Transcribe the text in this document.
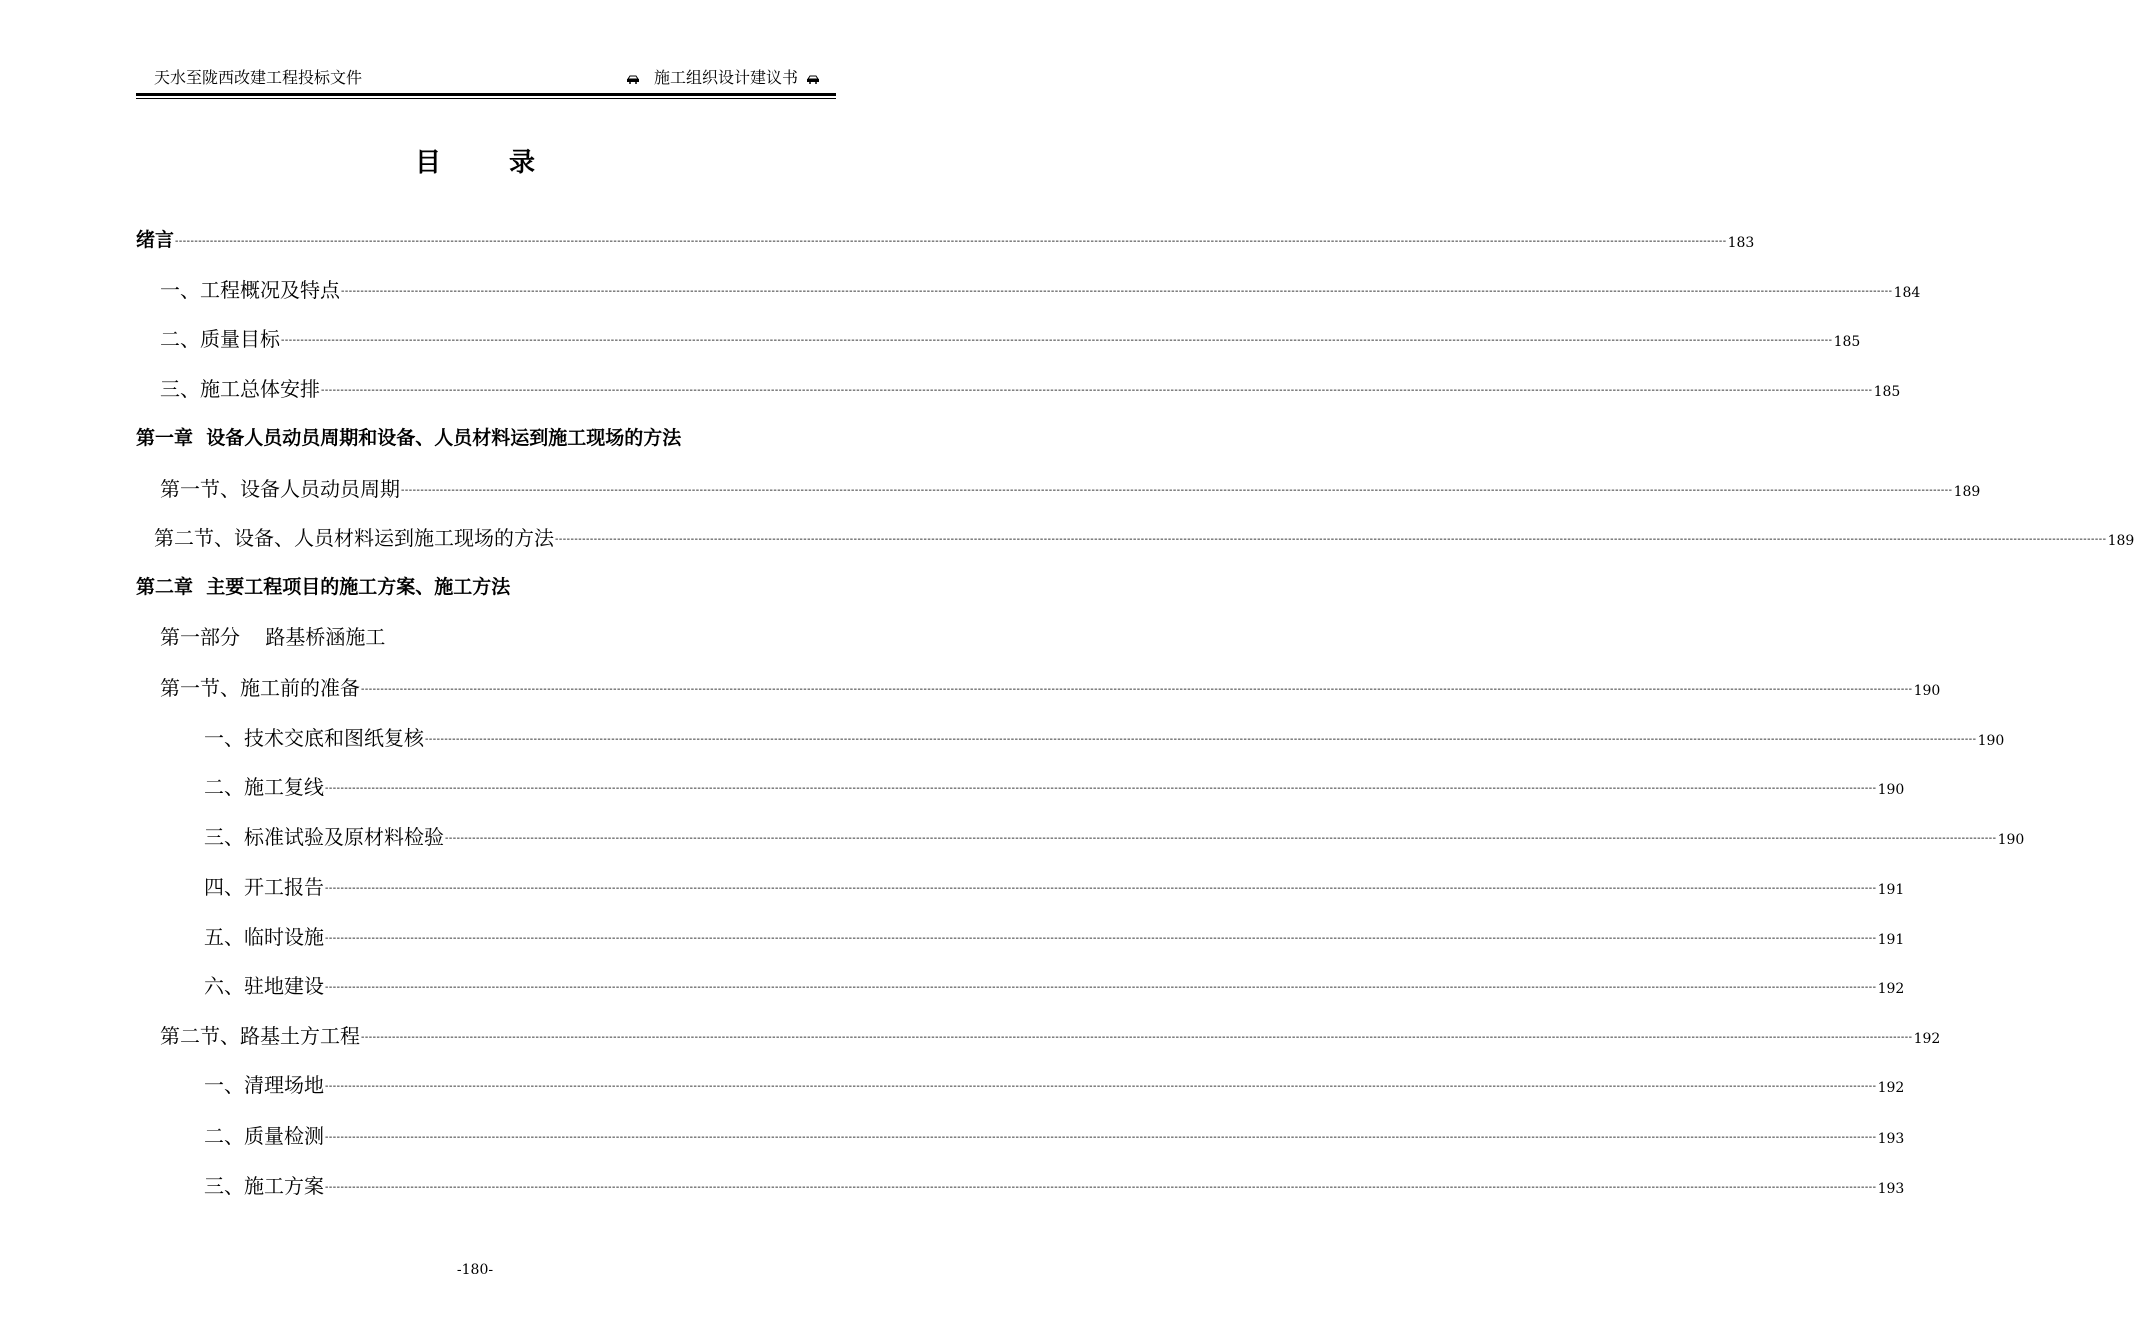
天水至陇西改建工程投标文件	施工组织设计建议书
目	录
绪言 ---------------------------------------------------------------------------------------------------------------------------------------------------------------------------------------------------------------------------------------------------------------------------------------------------------------------------------------------------------------------------------------------------------------- 183
一、工程概况及特点 ---------------------------------------------------------------------------------------------------------------------------------------------------------------------------------------------------------------------------------------------------------------------------------------------------------------------------------------------------------------------------------------------------------------- 184
二、质量目标 ---------------------------------------------------------------------------------------------------------------------------------------------------------------------------------------------------------------------------------------------------------------------------------------------------------------------------------------------------------------------------------------------------------------- 185
三、施工总体安排 ---------------------------------------------------------------------------------------------------------------------------------------------------------------------------------------------------------------------------------------------------------------------------------------------------------------------------------------------------------------------------------------------------------------- 185
第一章  设备人员动员周期和设备、人员材料运到施工现场的方法
第一节、设备人员动员周期 ---------------------------------------------------------------------------------------------------------------------------------------------------------------------------------------------------------------------------------------------------------------------------------------------------------------------------------------------------------------------------------------------------------------- 189
第二节、设备、人员材料运到施工现场的方法 ---------------------------------------------------------------------------------------------------------------------------------------------------------------------------------------------------------------------------------------------------------------------------------------------------------------------------------------------------------------------------------------------------------------- 189
第二章  主要工程项目的施工方案、施工方法
第一部分    路基桥涵施工
第一节、施工前的准备 ---------------------------------------------------------------------------------------------------------------------------------------------------------------------------------------------------------------------------------------------------------------------------------------------------------------------------------------------------------------------------------------------------------------- 190
一、技术交底和图纸复核 ---------------------------------------------------------------------------------------------------------------------------------------------------------------------------------------------------------------------------------------------------------------------------------------------------------------------------------------------------------------------------------------------------------------- 190
二、施工复线 ---------------------------------------------------------------------------------------------------------------------------------------------------------------------------------------------------------------------------------------------------------------------------------------------------------------------------------------------------------------------------------------------------------------- 190
三、标准试验及原材料检验 ---------------------------------------------------------------------------------------------------------------------------------------------------------------------------------------------------------------------------------------------------------------------------------------------------------------------------------------------------------------------------------------------------------------- 190
四、开工报告 ---------------------------------------------------------------------------------------------------------------------------------------------------------------------------------------------------------------------------------------------------------------------------------------------------------------------------------------------------------------------------------------------------------------- 191
五、临时设施 ---------------------------------------------------------------------------------------------------------------------------------------------------------------------------------------------------------------------------------------------------------------------------------------------------------------------------------------------------------------------------------------------------------------- 191
六、驻地建设 ---------------------------------------------------------------------------------------------------------------------------------------------------------------------------------------------------------------------------------------------------------------------------------------------------------------------------------------------------------------------------------------------------------------- 192
第二节、路基土方工程 ---------------------------------------------------------------------------------------------------------------------------------------------------------------------------------------------------------------------------------------------------------------------------------------------------------------------------------------------------------------------------------------------------------------- 192
一、清理场地 ---------------------------------------------------------------------------------------------------------------------------------------------------------------------------------------------------------------------------------------------------------------------------------------------------------------------------------------------------------------------------------------------------------------- 192
二、质量检测 ---------------------------------------------------------------------------------------------------------------------------------------------------------------------------------------------------------------------------------------------------------------------------------------------------------------------------------------------------------------------------------------------------------------- 193
三、施工方案 ---------------------------------------------------------------------------------------------------------------------------------------------------------------------------------------------------------------------------------------------------------------------------------------------------------------------------------------------------------------------------------------------------------------- 193
-180-
